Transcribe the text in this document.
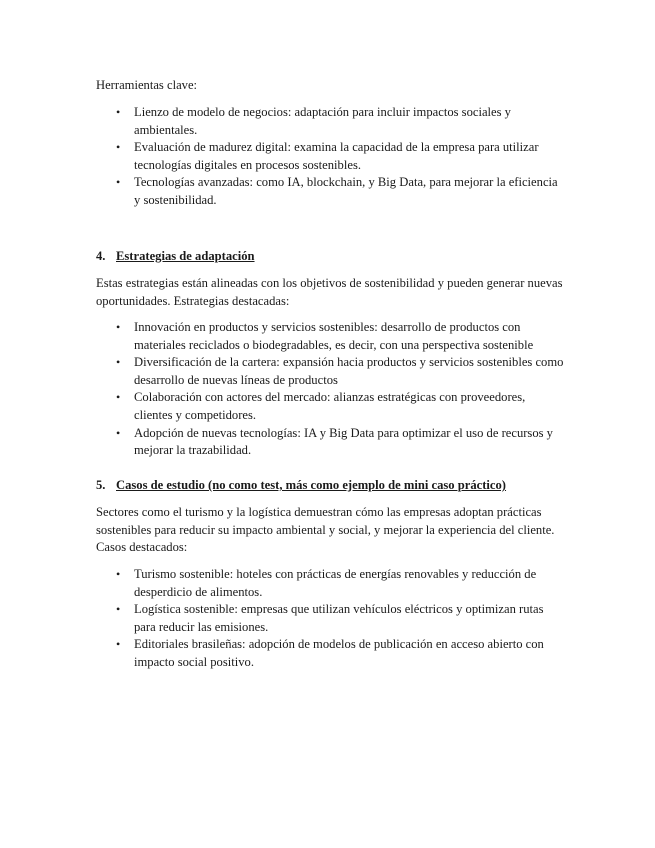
Herramientas clave:

• Lienzo de modelo de negocios: adaptación para incluir impactos sociales y ambientales.
• Evaluación de madurez digital: examina la capacidad de la empresa para utilizar tecnologías digitales en procesos sostenibles.
• Tecnologías avanzadas: como IA, blockchain, y Big Data, para mejorar la eficiencia y sostenibilidad.
4. Estrategias de adaptación

Estas estrategias están alineadas con los objetivos de sostenibilidad y pueden generar nuevas oportunidades. Estrategias destacadas:

• Innovación en productos y servicios sostenibles: desarrollo de productos con materiales reciclados o biodegradables, es decir, con una perspectiva sostenible
• Diversificación de la cartera: expansión hacia productos y servicios sostenibles como desarrollo de nuevas líneas de productos
• Colaboración con actores del mercado: alianzas estratégicas con proveedores, clientes y competidores.
• Adopción de nuevas tecnologías: IA y Big Data para optimizar el uso de recursos y mejorar la trazabilidad.
5. Casos de estudio (no como test, más como ejemplo de mini caso práctico)

Sectores como el turismo y la logística demuestran cómo las empresas adoptan prácticas sostenibles para reducir su impacto ambiental y social, y mejorar la experiencia del cliente. Casos destacados:

• Turismo sostenible: hoteles con prácticas de energías renovables y reducción de desperdicio de alimentos.
• Logística sostenible: empresas que utilizan vehículos eléctricos y optimizan rutas para reducir las emisiones.
• Editoriales brasileñas: adopción de modelos de publicación en acceso abierto con impacto social positivo.
